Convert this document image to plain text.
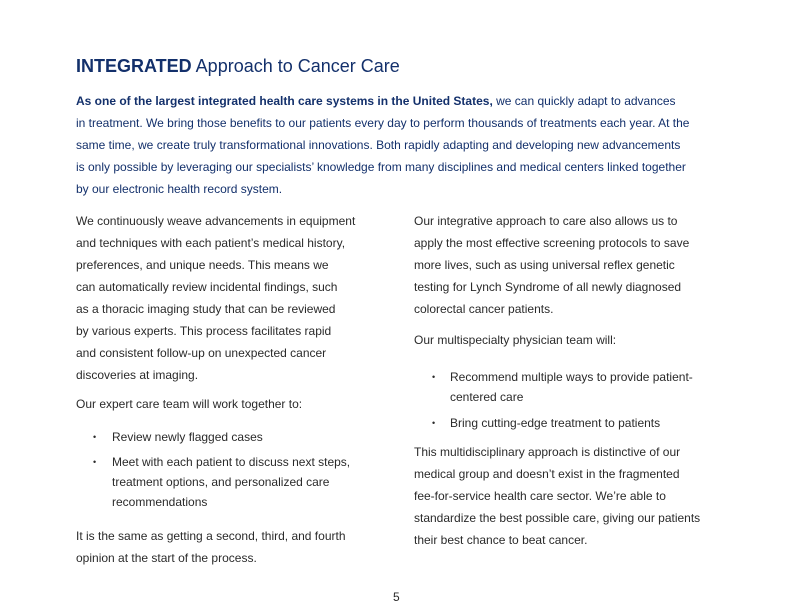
INTEGRATED Approach to Cancer Care
As one of the largest integrated health care systems in the United States, we can quickly adapt to advances
in treatment. We bring those benefits to our patients every day to perform thousands of treatments each year. At the
same time, we create truly transformational innovations. Both rapidly adapting and developing new advancements
is only possible by leveraging our specialists’ knowledge from many disciplines and medical centers linked together
by our electronic health record system.
We continuously weave advancements in equipment
and techniques with each patient’s medical history,
preferences, and unique needs. This means we
can automatically review incidental findings, such
as a thoracic imaging study that can be reviewed
by various experts. This process facilitates rapid
and consistent follow-up on unexpected cancer
discoveries at imaging.
Our expert care team will work together to:
• Review newly flagged cases
• Meet with each patient to discuss next steps,
treatment options, and personalized care
recommendations
It is the same as getting a second, third, and fourth
opinion at the start of the process.
Our integrative approach to care also allows us to
apply the most effective screening protocols to save
more lives, such as using universal reflex genetic
testing for Lynch Syndrome of all newly diagnosed
colorectal cancer patients.
Our multispecialty physician team will:
• Recommend multiple ways to provide patient-
centered care
• Bring cutting-edge treatment to patients
This multidisciplinary approach is distinctive of our
medical group and doesn’t exist in the fragmented
fee-for-service health care sector. We’re able to
standardize the best possible care, giving our patients
their best chance to beat cancer.
5
